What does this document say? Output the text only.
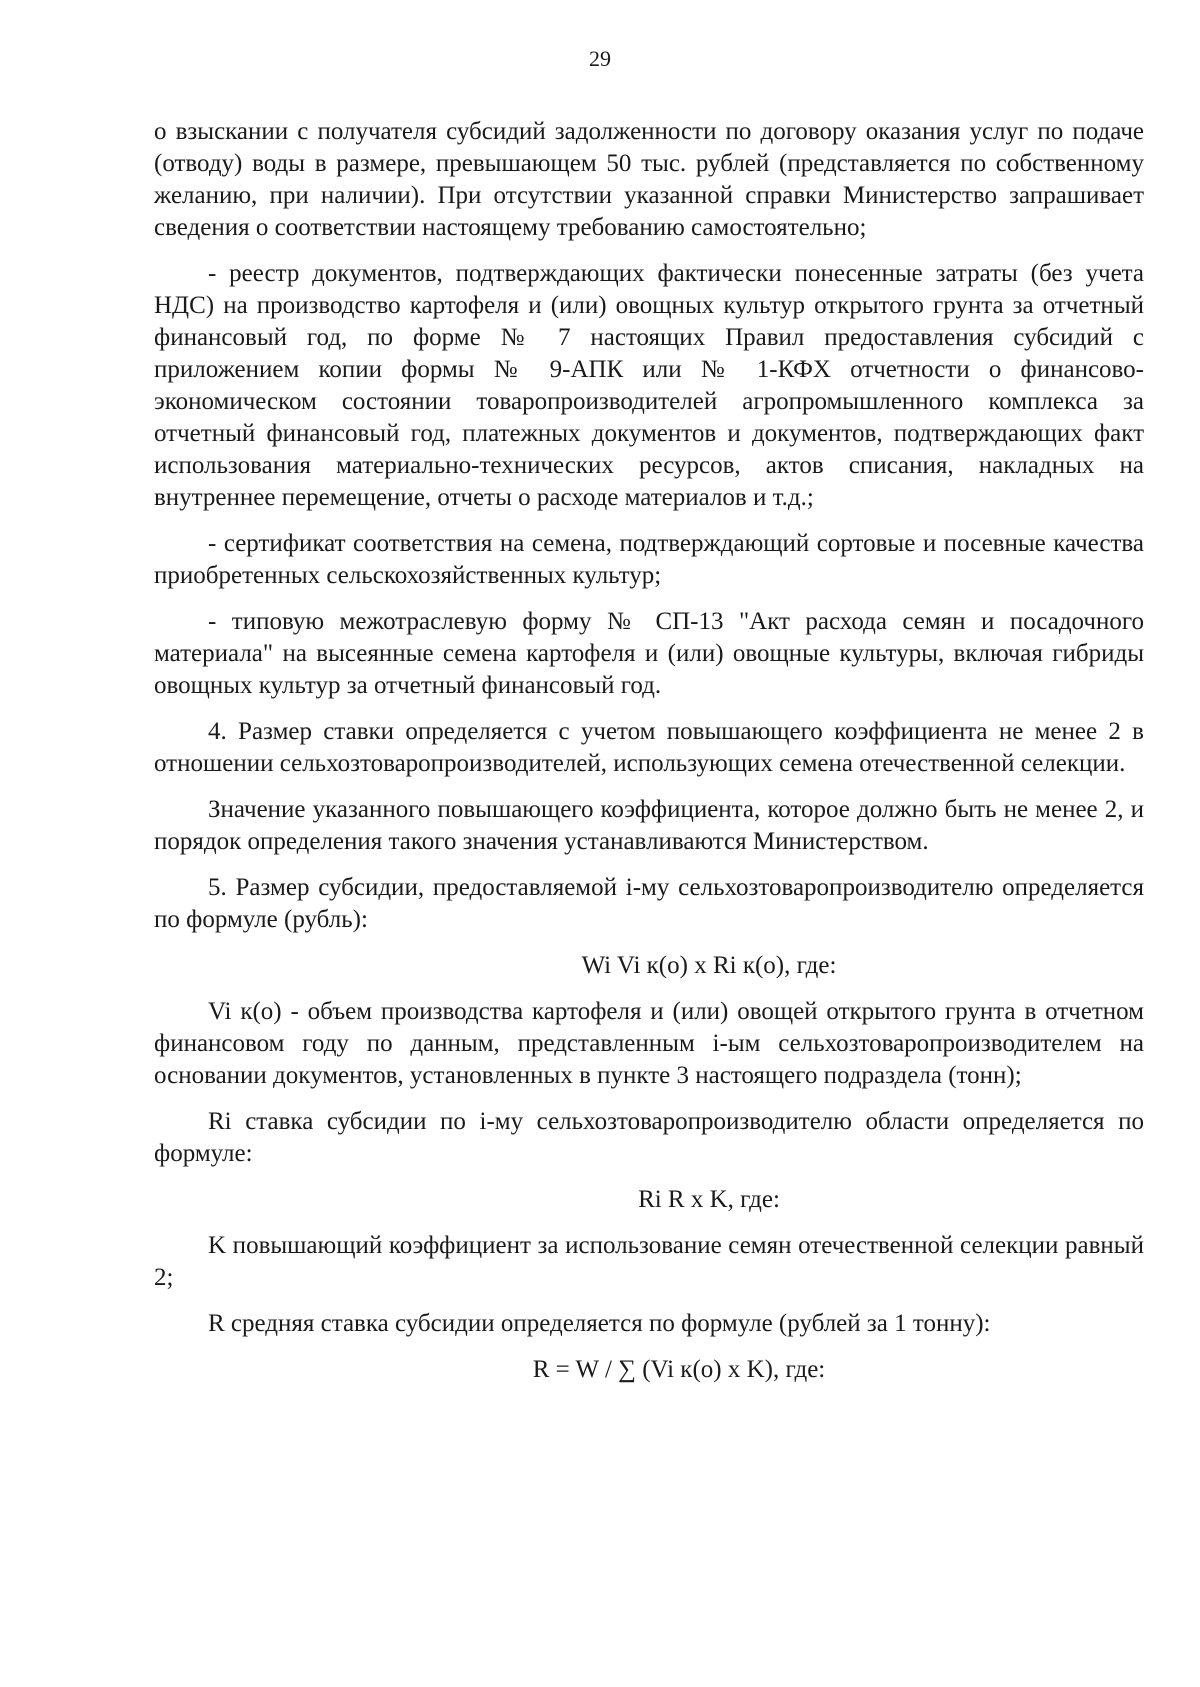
29

о взыскании с получателя субсидий задолженности по договору оказания услуг по подаче (отводу) воды в размере, превышающем 50 тыс. рублей (представляется по собственному желанию, при наличии). При отсутствии указанной справки Министерство запрашивает сведения о соответствии настоящему требованию самостоятельно;

- реестр документов, подтверждающих фактически понесенные затраты (без учета НДС) на производство картофеля и (или) овощных культур открытого грунта за отчетный финансовый год, по форме № 7 настоящих Правил предоставления субсидий с приложением копии формы № 9-АПК или № 1-КФХ отчетности о финансово-экономическом состоянии товаропроизводителей агропромышленного комплекса за отчетный финансовый год, платежных документов и документов, подтверждающих факт использования материально-технических ресурсов, актов списания, накладных на внутреннее перемещение, отчеты о расходе материалов и т.д.;

- сертификат соответствия на семена, подтверждающий сортовые и посевные качества приобретенных сельскохозяйственных культур;

- типовую межотраслевую форму № СП-13 "Акт расхода семян и посадочного материала" на высеянные семена картофеля и (или) овощные культуры, включая гибриды овощных культур за отчетный финансовый год.

4. Размер ставки определяется с учетом повышающего коэффициента не менее 2 в отношении сельхозтоваропроизводителей, использующих семена отечественной селекции.

Значение указанного повышающего коэффициента, которое должно быть не менее 2, и порядок определения такого значения устанавливаются Министерством.

5. Размер субсидии, предоставляемой i-му сельхозтоваропроизводителю определяется по формуле (рубль):

Wi Vi к(о) x Ri к(о), где:

Vi к(о) - объем производства картофеля и (или) овощей открытого грунта в отчетном финансовом году по данным, представленным i-ым сельхозтоваропроизводителем на основании документов, установленных в пункте 3 настоящего подраздела (тонн);

Ri ставка субсидии по i-му сельхозтоваропроизводителю области определяется по формуле:

Ri R x K, где:

K повышающий коэффициент за использование семян отечественной селекции равный 2;

R средняя ставка субсидии определяется по формуле (рублей за 1 тонну):

R = W / ∑ (Vi к(о) x K), где:
